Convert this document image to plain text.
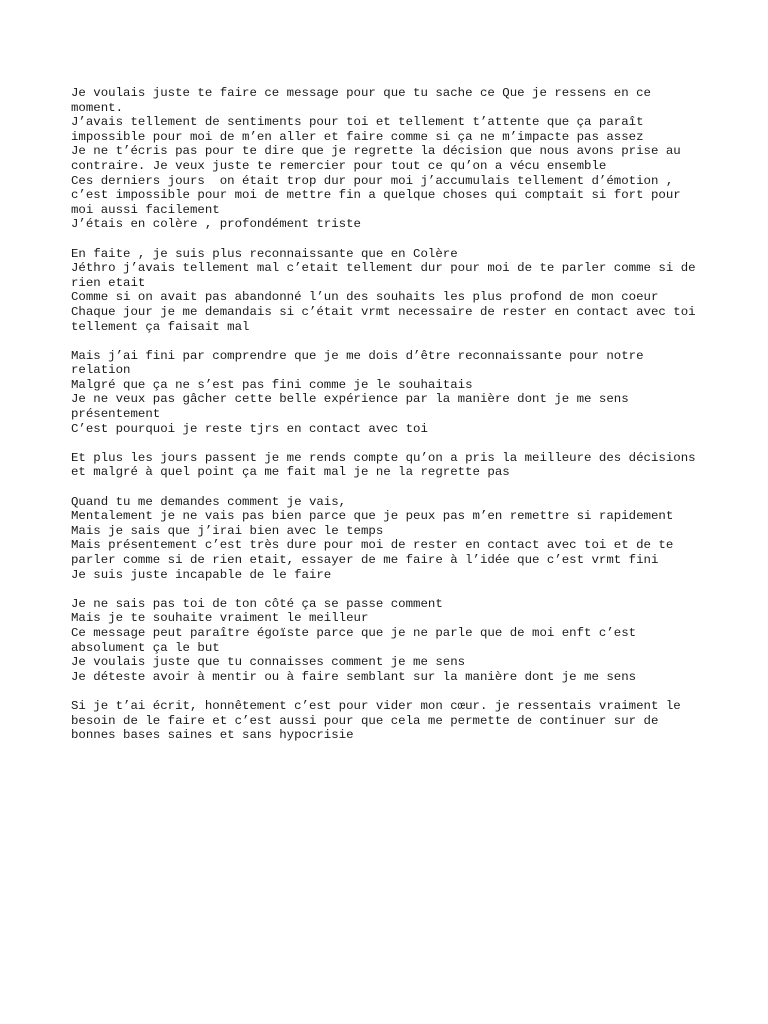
Je voulais juste te faire ce message pour que tu sache ce Que je ressens en ce moment.
J’avais tellement de sentiments pour toi et tellement t’attente que ça paraît impossible pour moi de m’en aller et faire comme si ça ne m’impacte pas assez
Je ne t’écris pas pour te dire que je regrette la décision que nous avons prise au contraire. Je veux juste te remercier pour tout ce qu’on a vécu ensemble
Ces derniers jours  on était trop dur pour moi j’accumulais tellement d’émotion , c’est impossible pour moi de mettre fin a quelque choses qui comptait si fort pour moi aussi facilement
J’étais en colère , profondément triste
En faite , je suis plus reconnaissante que en Colère
Jéthro j’avais tellement mal c’etait tellement dur pour moi de te parler comme si de rien etait
Comme si on avait pas abandonné l’un des souhaits les plus profond de mon coeur
Chaque jour je me demandais si c’était vrmt necessaire de rester en contact avec toi tellement ça faisait mal
Mais j’ai fini par comprendre que je me dois d’être reconnaissante pour notre relation
Malgré que ça ne s’est pas fini comme je le souhaitais
Je ne veux pas gâcher cette belle expérience par la manière dont je me sens présentement
C’est pourquoi je reste tjrs en contact avec toi
Et plus les jours passent je me rends compte qu’on a pris la meilleure des décisions et malgré à quel point ça me fait mal je ne la regrette pas
Quand tu me demandes comment je vais,
Mentalement je ne vais pas bien parce que je peux pas m’en remettre si rapidement
Mais je sais que j’irai bien avec le temps
Mais présentement c’est très dure pour moi de rester en contact avec toi et de te parler comme si de rien etait, essayer de me faire à l’idée que c’est vrmt fini
Je suis juste incapable de le faire
Je ne sais pas toi de ton côté ça se passe comment
Mais je te souhaite vraiment le meilleur
Ce message peut paraître égoïste parce que je ne parle que de moi enft c’est absolument ça le but
Je voulais juste que tu connaisses comment je me sens
Je déteste avoir à mentir ou à faire semblant sur la manière dont je me sens
Si je t’ai écrit, honnêtement c’est pour vider mon cœur. je ressentais vraiment le besoin de le faire et c’est aussi pour que cela me permette de continuer sur de bonnes bases saines et sans hypocrisie
